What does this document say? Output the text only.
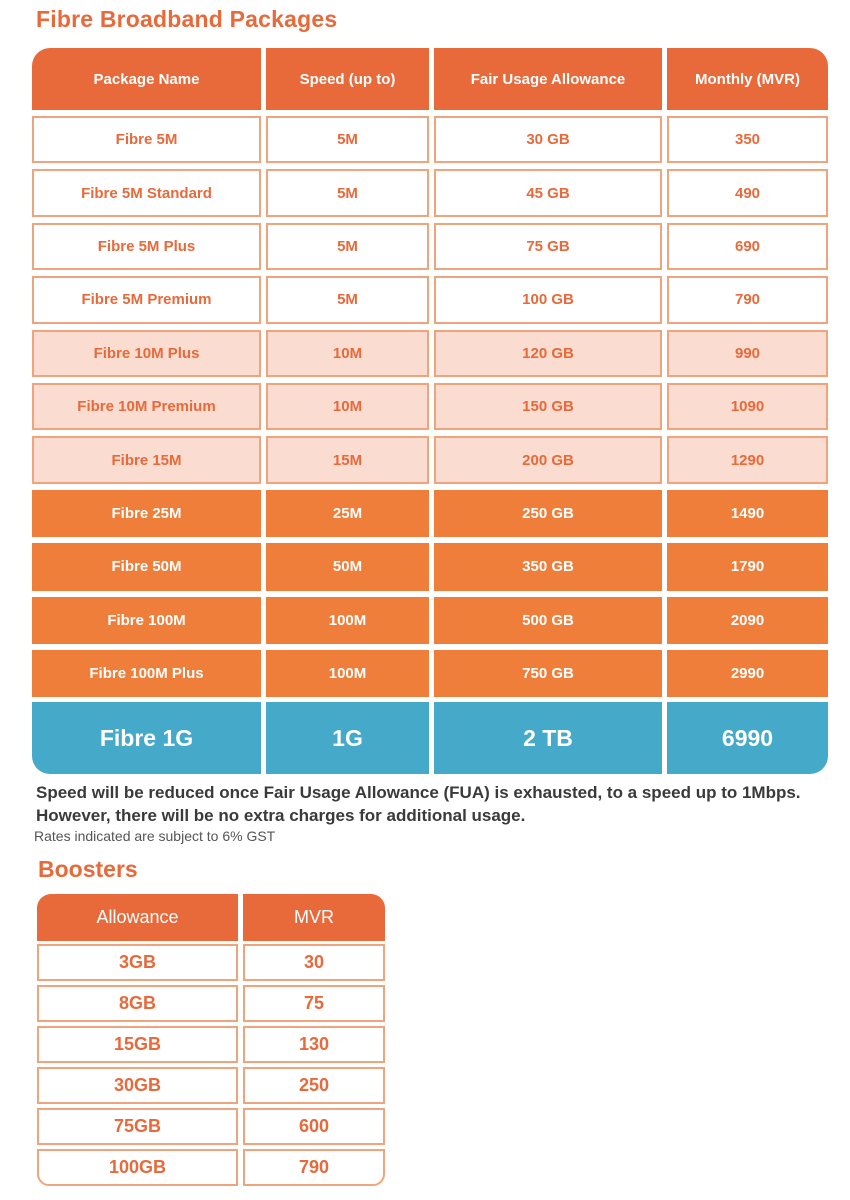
Fibre Broadband Packages
Package Name	Speed (up to)	Fair Usage Allowance	Monthly (MVR)
Fibre 5M	5M	30 GB	350
Fibre 5M Standard	5M	45 GB	490
Fibre 5M Plus	5M	75 GB	690
Fibre 5M Premium	5M	100 GB	790
Fibre 10M Plus	10M	120 GB	990
Fibre 10M Premium	10M	150 GB	1090
Fibre 15M	15M	200 GB	1290
Fibre 25M	25M	250 GB	1490
Fibre 50M	50M	350 GB	1790
Fibre 100M	100M	500 GB	2090
Fibre 100M Plus	100M	750 GB	2990
Fibre 1G	1G	2 TB	6990
Speed will be reduced once Fair Usage Allowance (FUA) is exhausted, to a speed up to 1Mbps. However, there will be no extra charges for additional usage.
Rates indicated are subject to 6% GST
Boosters
Allowance	MVR
3GB	30
8GB	75
15GB	130
30GB	250
75GB	600
100GB	790
